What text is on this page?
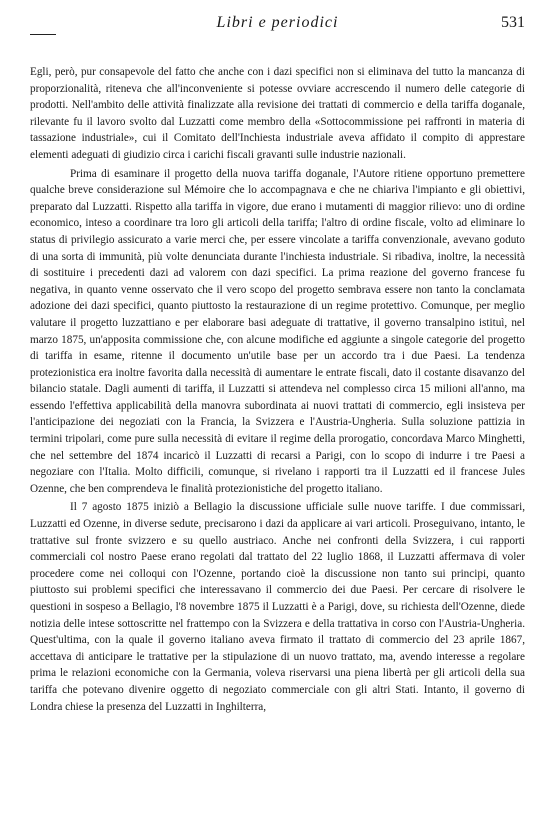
Libri e periodici	531

Egli, però, pur consapevole del fatto che anche con i dazi specifici non si eliminava del tutto la mancanza di proporzionalità, riteneva che all'inconveniente si potesse ovviare accrescendo il numero delle categorie di prodotti. Nell'ambito delle attività finalizzate alla revisione dei trattati di commercio e della tariffa doganale, rilevante fu il lavoro svolto dal Luzzatti come membro della «Sottocommissione pei raffronti in materia di tassazione industriale», cui il Comitato dell'Inchiesta industriale aveva affidato il compito di apprestare elementi adeguati di giudizio circa i carichi fiscali gravanti sulle industrie nazionali.

Prima di esaminare il progetto della nuova tariffa doganale, l'Autore ritiene opportuno premettere qualche breve considerazione sul Mémoire che lo accompagnava e che ne chiariva l'impianto e gli obiettivi, preparato dal Luzzatti. Rispetto alla tariffa in vigore, due erano i mutamenti di maggior rilievo: uno di ordine economico, inteso a coordinare tra loro gli articoli della tariffa; l'altro di ordine fiscale, volto ad eliminare lo status di privilegio assicurato a varie merci che, per essere vincolate a tariffa convenzionale, avevano goduto di una sorta di immunità, più volte denunciata durante l'inchiesta industriale. Si ribadiva, inoltre, la necessità di sostituire i precedenti dazi ad valorem con dazi specifici. La prima reazione del governo francese fu negativa, in quanto venne osservato che il vero scopo del progetto sembrava essere non tanto la conclamata adozione dei dazi specifici, quanto piuttosto la restaurazione di un regime protettivo. Comunque, per meglio valutare il progetto luzzattiano e per elaborare basi adeguate di trattative, il governo transalpino istituì, nel marzo 1875, un'apposita commissione che, con alcune modifiche ed aggiunte a singole categorie del progetto di tariffa in esame, ritenne il documento un'utile base per un accordo tra i due Paesi. La tendenza protezionistica era inoltre favorita dalla necessità di aumentare le entrate fiscali, dato il costante disavanzo del bilancio statale. Dagli aumenti di tariffa, il Luzzatti si attendeva nel complesso circa 15 milioni all'anno, ma essendo l'effettiva applicabilità della manovra subordinata ai nuovi trattati di commercio, egli insisteva per l'anticipazione dei negoziati con la Francia, la Svizzera e l'Austria-Ungheria. Sulla soluzione pattizia in termini tripolari, come pure sulla necessità di evitare il regime della prorogatio, concordava Marco Minghetti, che nel settembre del 1874 incaricò il Luzzatti di recarsi a Parigi, con lo scopo di indurre i tre Paesi a negoziare con l'Italia. Molto difficili, comunque, si rivelano i rapporti tra il Luzzatti ed il francese Jules Ozenne, che ben comprendeva le finalità protezionistiche del progetto italiano.

Il 7 agosto 1875 iniziò a Bellagio la discussione ufficiale sulle nuove tariffe. I due commissari, Luzzatti ed Ozenne, in diverse sedute, precisarono i dazi da applicare ai vari articoli. Proseguivano, intanto, le trattative sul fronte svizzero e su quello austriaco. Anche nei confronti della Svizzera, i cui rapporti commerciali col nostro Paese erano regolati dal trattato del 22 luglio 1868, il Luzzatti affermava di voler procedere come nei colloqui con l'Ozenne, portando cioè la discussione non tanto sui principi, quanto piuttosto sui problemi specifici che interessavano il commercio dei due Paesi. Per cercare di risolvere le questioni in sospeso a Bellagio, l'8 novembre 1875 il Luzzatti è a Parigi, dove, su richiesta dell'Ozenne, diede notizia delle intese sottoscritte nel frattempo con la Svizzera e della trattativa in corso con l'Austria-Ungheria. Quest'ultima, con la quale il governo italiano aveva firmato il trattato di commercio del 23 aprile 1867, accettava di anticipare le trattative per la stipulazione di un nuovo trattato, ma, avendo interesse a regolare prima le relazioni economiche con la Germania, voleva riservarsi una piena libertà per gli articoli della sua tariffa che potevano divenire oggetto di negoziato commerciale con gli altri Stati. Intanto, il governo di Londra chiese la presenza del Luzzatti in Inghilterra,
